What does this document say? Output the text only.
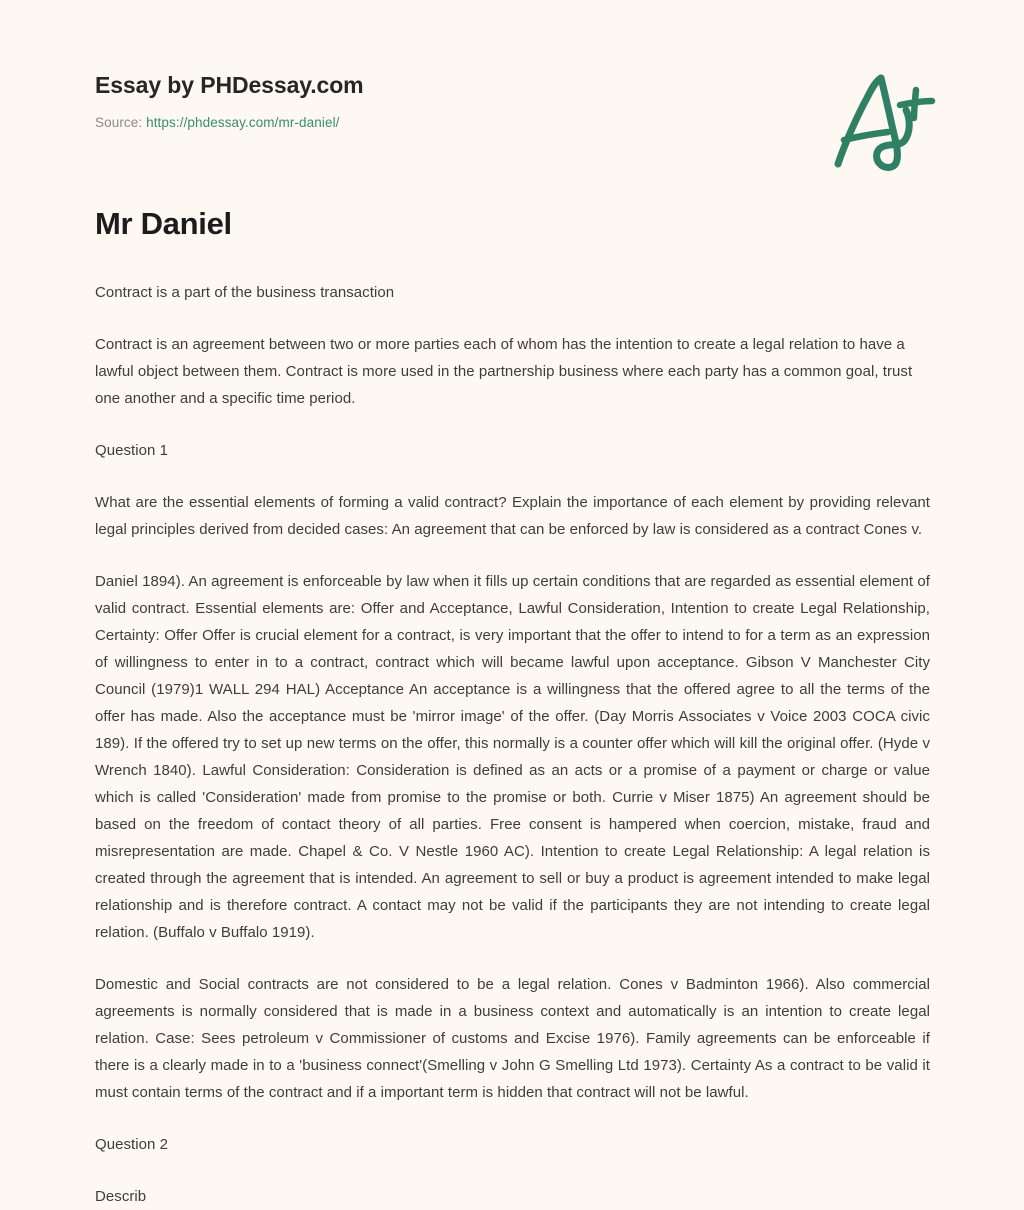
Essay by PHDessay.com
Source: https://phdessay.com/mr-daniel/
Mr Daniel

Contract is a part of the business transaction

Contract is an agreement between two or more parties each of whom has the intention to create a legal relation to have a lawful object between them. Contract is more used in the partnership business where each party has a common goal, trust one another and a specific time period.

Question 1

What are the essential elements of forming a valid contract? Explain the importance of each element by providing relevant legal principles derived from decided cases: An agreement that can be enforced by law is considered as a contract Cones v.

Daniel 1894). An agreement is enforceable by law when it fills up certain conditions that are regarded as essential element of valid contract. Essential elements are: Offer and Acceptance, Lawful Consideration, Intention to create Legal Relationship, Certainty: Offer Offer is crucial element for a contract, is very important that the offer to intend to for a term as an expression of willingness to enter in to a contract, contract which will became lawful upon acceptance. Gibson V Manchester City Council (1979)1 WALL 294 HAL) Acceptance An acceptance is a willingness that the offered agree to all the terms of the offer has made. Also the acceptance must be 'mirror image' of the offer. (Day Morris Associates v Voice 2003 COCA civic 189). If the offered try to set up new terms on the offer, this normally is a counter offer which will kill the original offer. (Hyde v Wrench 1840). Lawful Consideration: Consideration is defined as an acts or a promise of a payment or charge or value which is called 'Consideration' made from promise to the promise or both. Currie v Miser 1875) An agreement should be based on the freedom of contact theory of all parties. Free consent is hampered when coercion, mistake, fraud and misrepresentation are made. Chapel & Co. V Nestle 1960 AC). Intention to create Legal Relationship: A legal relation is created through the agreement that is intended. An agreement to sell or buy a product is agreement intended to make legal relationship and is therefore contract. A contact may not be valid if the participants they are not intending to create legal relation. (Buffalo v Buffalo 1919).

Domestic and Social contracts are not considered to be a legal relation. Cones v Badminton 1966). Also commercial agreements is normally considered that is made in a business context and automatically is an intention to create legal relation. Case: Sees petroleum v Commissioner of customs and Excise 1976). Family agreements can be enforceable if there is a clearly made in to a 'business connect'(Smelling v John G Smelling Ltd 1973). Certainty As a contract to be valid it must contain terms of the contract and if a important term is hidden that contract will not be lawful.

Question 2

Describ
